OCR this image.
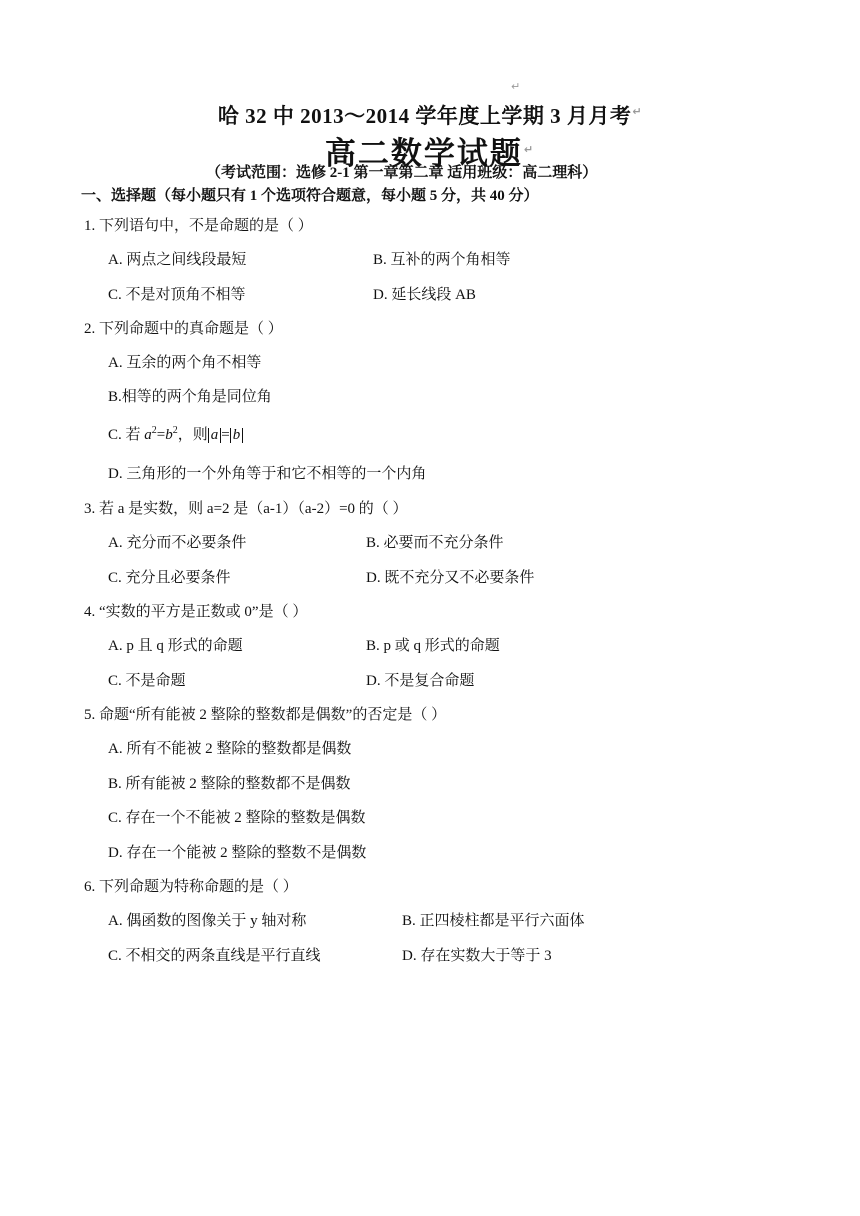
↵
哈 32 中 2013～2014 学年度上学期 3 月月考↵
高二数学试题↵
（考试范围：选修 2-1 第一章第二章 适用班级：高二理科）
一、选择题（每小题只有 1 个选项符合题意，每小题 5 分，共 40 分）
1. 下列语句中，不是命题的是（ ）
A. 两点之间线段最短	B. 互补的两个角相等
C. 不是对顶角不相等	D. 延长线段 AB
2. 下列命题中的真命题是（ ）
A. 互余的两个角不相等
B.相等的两个角是同位角
C. 若 $a^2=b^2$，则 a = b
D. 三角形的一个外角等于和它不相等的一个内角
3. 若 a 是实数，则 a=2 是（a-1）（a-2）=0 的（ ）
A. 充分而不必要条件	B. 必要而不充分条件
C. 充分且必要条件	D. 既不充分又不必要条件
4. “实数的平方是正数或 0”是（ ）
A. p 且 q 形式的命题	B. p 或 q 形式的命题
C. 不是命题	D. 不是复合命题
5. 命题“所有能被 2 整除的整数都是偶数”的否定是（ ）
A. 所有不能被 2 整除的整数都是偶数
B. 所有能被 2 整除的整数都不是偶数
C. 存在一个不能被 2 整除的整数是偶数
D. 存在一个能被 2 整除的整数不是偶数
6. 下列命题为特称命题的是（ ）
A. 偶函数的图像关于 y 轴对称	B. 正四棱柱都是平行六面体
C. 不相交的两条直线是平行直线	D. 存在实数大于等于 3
